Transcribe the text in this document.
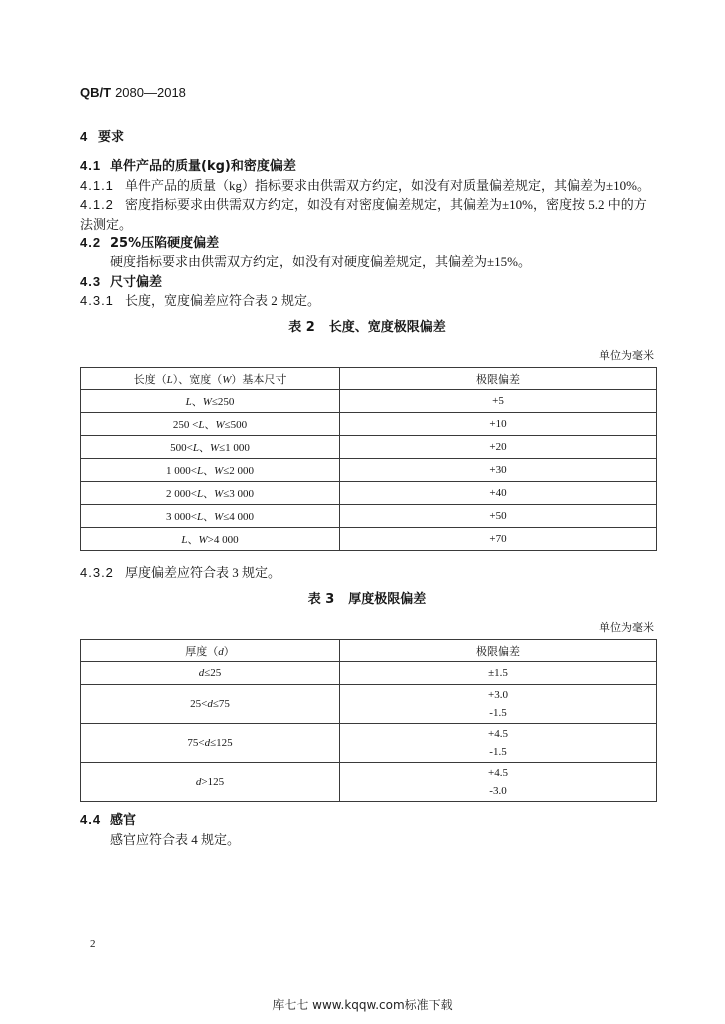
QB/T 2080—2018
4 要求
4.1 单件产品的质量(kg)和密度偏差
4.1.1 单件产品的质量（kg）指标要求由供需双方约定，如没有对质量偏差规定，其偏差为±10%。
4.1.2 密度指标要求由供需双方约定，如没有对密度偏差规定，其偏差为±10%，密度按 5.2 中的方
法测定。
4.2 25%压陷硬度偏差
硬度指标要求由供需双方约定，如没有对硬度偏差规定，其偏差为±15%。
4.3 尺寸偏差
4.3.1 长度，宽度偏差应符合表 2 规定。
表 2 长度、宽度极限偏差
单位为毫米
长度（L）、宽度（W）基本尺寸	极限偏差
L、W≤250	+5
250 <L、W≤500	+10
500<L、W≤1 000	+20
1 000<L、W≤2 000	+30
2 000<L、W≤3 000	+40
3 000<L、W≤4 000	+50
L、W>4 000	+70
4.3.2 厚度偏差应符合表 3 规定。
表 3 厚度极限偏差
单位为毫米
厚度（d）	极限偏差
d≤25	±1.5
25<d≤75	+3.0
-1.5

75<d≤125	+4.5
-1.5

d>125	+4.5
-3.0
4.4 感官
感官应符合表 4 规定。
2
库七七 www.kqqw.com标准下载
